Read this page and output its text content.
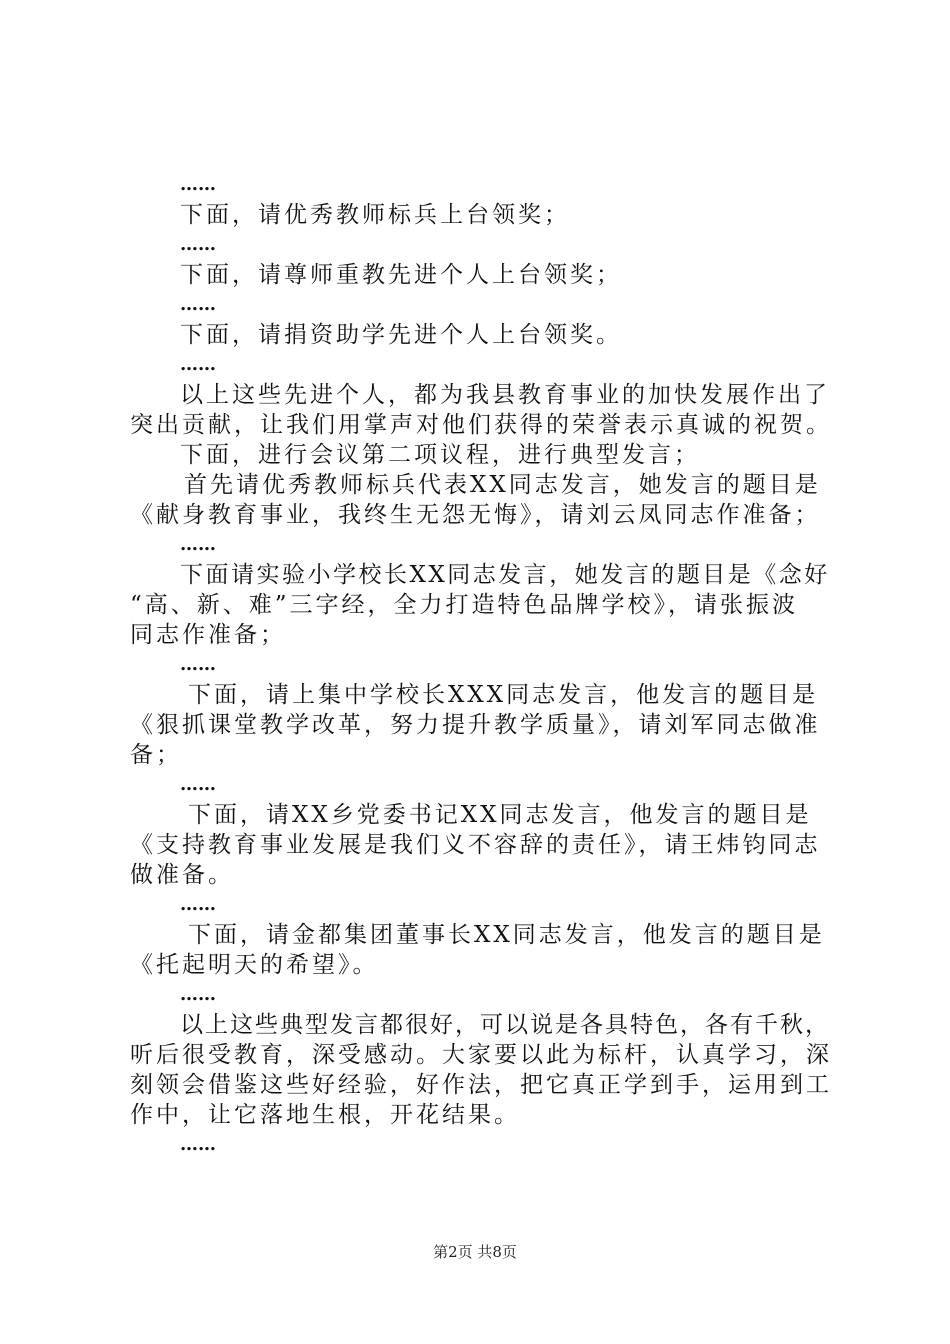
……
下面，请优秀教师标兵上台领奖；
……
下面，请尊师重教先进个人上台领奖；
……
下面，请捐资助学先进个人上台领奖。
……
以上这些先进个人，都为我县教育事业的加快发展作出了
突出贡献，让我们用掌声对他们获得的荣誉表示真诚的祝贺。
下面，进行会议第二项议程，进行典型发言；
首先请优秀教师标兵代表XX同志发言，她发言的题目是
《献身教育事业，我终生无怨无悔》，请刘云凤同志作准备；
……
下面请实验小学校长XX同志发言，她发言的题目是《念好
“高、新、难”三字经，全力打造特色品牌学校》，请张振波
同志作准备；
……
下面，请上集中学校长XXX同志发言，他发言的题目是
《狠抓课堂教学改革，努力提升教学质量》，请刘军同志做准
备；
……
下面，请XX乡党委书记XX同志发言，他发言的题目是
《支持教育事业发展是我们义不容辞的责任》，请王炜钧同志
做准备。
……
下面，请金都集团董事长XX同志发言，他发言的题目是
《托起明天的希望》。
……
以上这些典型发言都很好，可以说是各具特色，各有千秋，
听后很受教育，深受感动。大家要以此为标杆，认真学习，深
刻领会借鉴这些好经验，好作法，把它真正学到手，运用到工
作中，让它落地生根，开花结果。
……
第2页 共8页
